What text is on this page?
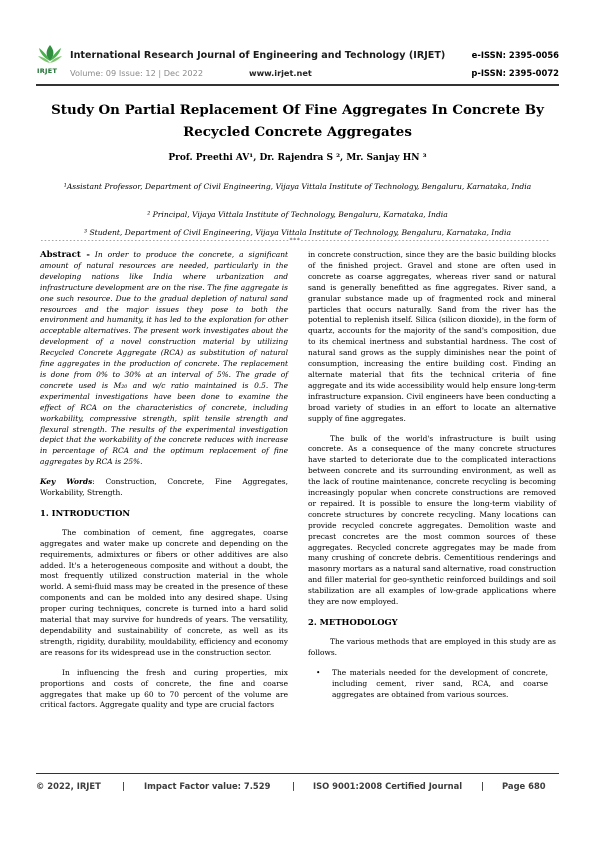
IRJET
International Research Journal of Engineering and Technology (IRJET)
Volume: 09 Issue: 12 | Dec 2022	www.irjet.net
e-ISSN: 2395-0056
p-ISSN: 2395-0072
Study On Partial Replacement Of Fine Aggregates In Concrete By Recycled Concrete Aggregates
Prof. Preethi AV¹, Dr. Rajendra S ², Mr. Sanjay HN ³
¹Assistant Professor, Department of Civil Engineering, Vijaya Vittala Institute of Technology, Bengaluru, Karnataka, India
² Principal, Vijaya Vittala Institute of Technology, Bengaluru, Karnataka, India
³ Student, Department of Civil Engineering, Vijaya Vittala Institute of Technology, Bengaluru, Karnataka, India
---------------------------------------------------------------------***---------------------------------------------------------------------

Abstract - In order to produce the concrete, a significant amount of natural resources are needed, particularly in the developing nations like India where urbanization and infrastructure development are on the rise. The fine aggregate is one such resource. Due to the gradual depletion of natural sand resources and the major issues they pose to both the environment and humanity, it has led to the exploration for other acceptable alternatives. The present work investigates about the development of a novel construction material by utilizing Recycled Concrete Aggregate (RCA) as substitution of natural fine aggregates in the production of concrete. The replacement is done from 0% to 30% at an interval of 5%. The grade of concrete used is M₂₀ and w/c ratio maintained is 0.5. The experimental investigations have been done to examine the effect of RCA on the characteristics of concrete, including workability, compressive strength, split tensile strength and flexural strength. The results of the experimental investigation depict that the workability of the concrete reduces with increase in percentage of RCA and the optimum replacement of fine aggregates by RCA is 25%.

Key Words: Construction, Concrete, Fine Aggregates, Workability, Strength.

1. INTRODUCTION

The combination of cement, fine aggregates, coarse aggregates and water make up concrete and depending on the requirements, admixtures or fibers or other additives are also added. It's a heterogeneous composite and without a doubt, the most frequently utilized construction material in the whole world. A semi-fluid mass may be created in the presence of these components and can be molded into any desired shape. Using proper curing techniques, concrete is turned into a hard solid material that may survive for hundreds of years. The versatility, dependability and sustainability of concrete, as well as its strength, rigidity, durability, mouldability, efficiency and economy are reasons for its widespread use in the construction sector.

In influencing the fresh and curing properties, mix proportions and costs of concrete, the fine and coarse aggregates that make up 60 to 70 percent of the volume are critical factors. Aggregate quality and type are crucial factors

in concrete construction, since they are the basic building blocks of the finished project. Gravel and stone are often used in concrete as coarse aggregates, whereas river sand or natural sand is generally benefitted as fine aggregates. River sand, a granular substance made up of fragmented rock and mineral particles that occurs naturally. Sand from the river has the potential to replenish itself. Silica (silicon dioxide), in the form of quartz, accounts for the majority of the sand's composition, due to its chemical inertness and substantial hardness. The cost of natural sand grows as the supply diminishes near the point of consumption, increasing the entire building cost. Finding an alternate material that fits the technical criteria of fine aggregate and its wide accessibility would help ensure long-term infrastructure expansion. Civil engineers have been conducting a broad variety of studies in an effort to locate an alternative supply of fine aggregates.

The bulk of the world's infrastructure is built using concrete. As a consequence of the many concrete structures have started to deteriorate due to the complicated interactions between concrete and its surrounding environment, as well as the lack of routine maintenance, concrete recycling is becoming increasingly popular when concrete constructions are removed or repaired. It is possible to ensure the long-term viability of concrete structures by concrete recycling. Many locations can provide recycled concrete aggregates. Demolition waste and precast concretes are the most common sources of these aggregates. Recycled concrete aggregates may be made from many crushing of concrete debris. Cementitious renderings and masonry mortars as a natural sand alternative, road construction and filler material for geo-synthetic reinforced buildings and soil stabilization are all examples of low-grade applications where they are now employed.

2. METHODOLOGY

The various methods that are employed in this study are as follows.

• The materials needed for the development of concrete, including cement, river sand, RCA, and coarse aggregates are obtained from various sources.
© 2022, IRJET	| Impact Factor value: 7.529	| ISO 9001:2008 Certified Journal | Page 680
